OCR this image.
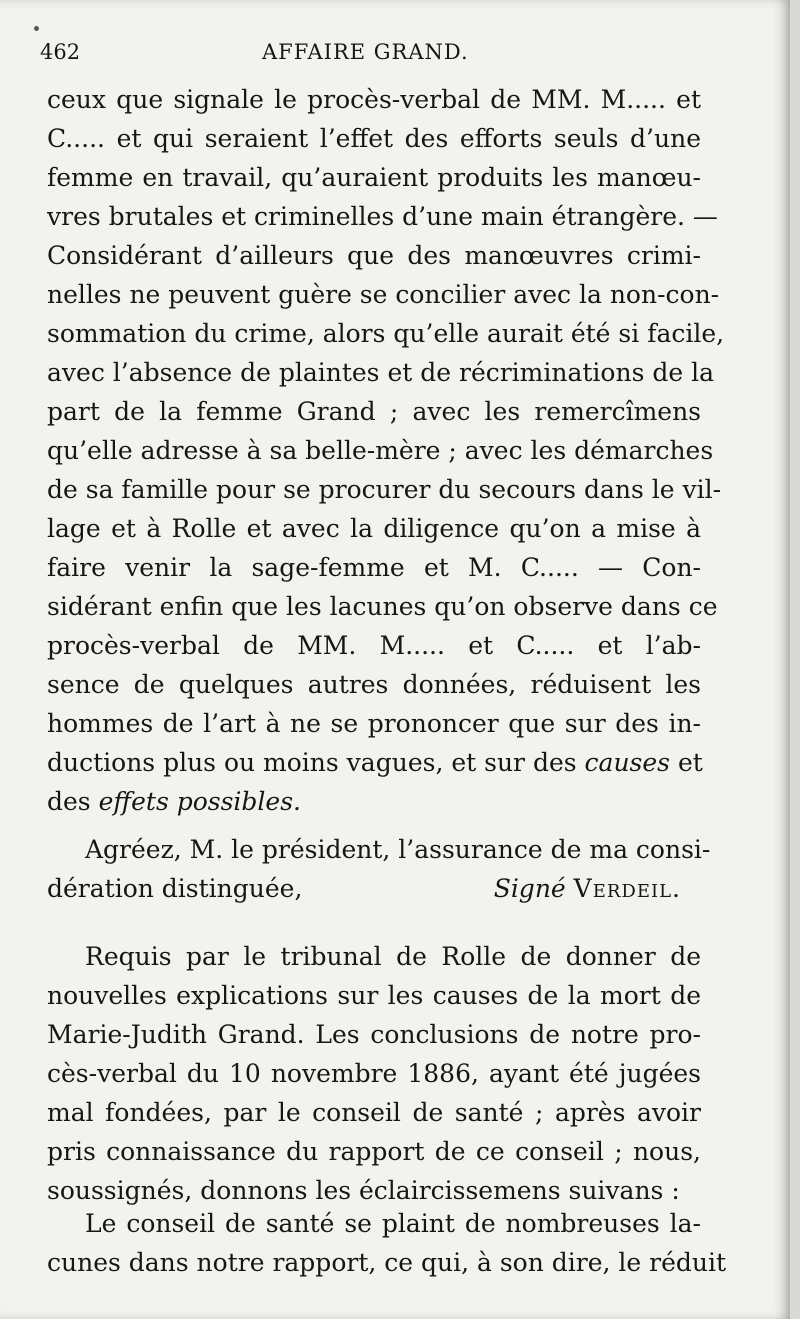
462	AFFAIRE GRAND.
ceux que signale le procès-verbal de MM. M..... et
C..... et qui seraient l’effet des efforts seuls d’une
femme en travail, qu’auraient produits les manœu-
vres brutales et criminelles d’une main étrangère. —
Considérant d’ailleurs que des manœuvres crimi-
nelles ne peuvent guère se concilier avec la non-con-
sommation du crime, alors qu’elle aurait été si facile,
avec l’absence de plaintes et de récriminations de la
part de la femme Grand ; avec les remercîmens
qu’elle adresse à sa belle-mère ; avec les démarches
de sa famille pour se procurer du secours dans le vil-
lage et à Rolle et avec la diligence qu’on a mise à
faire venir la sage-femme et M. C..... — Con-
sidérant enfin que les lacunes qu’on observe dans ce
procès-verbal de MM. M..... et C..... et l’ab-
sence de quelques autres données, réduisent les
hommes de l’art à ne se prononcer que sur des in-
ductions plus ou moins vagues, et sur des causes et
des effets possibles.
Agréez, M. le président, l’assurance de ma consi-
dération distinguée,	Signé Verdeil.
Requis par le tribunal de Rolle de donner de
nouvelles explications sur les causes de la mort de
Marie-Judith Grand. Les conclusions de notre pro-
cès-verbal du 10 novembre 1886, ayant été jugées
mal fondées, par le conseil de santé ; après avoir
pris connaissance du rapport de ce conseil ; nous,
soussignés, donnons les éclaircissemens suivans :
Le conseil de santé se plaint de nombreuses la-
cunes dans notre rapport, ce qui, à son dire, le réduit
